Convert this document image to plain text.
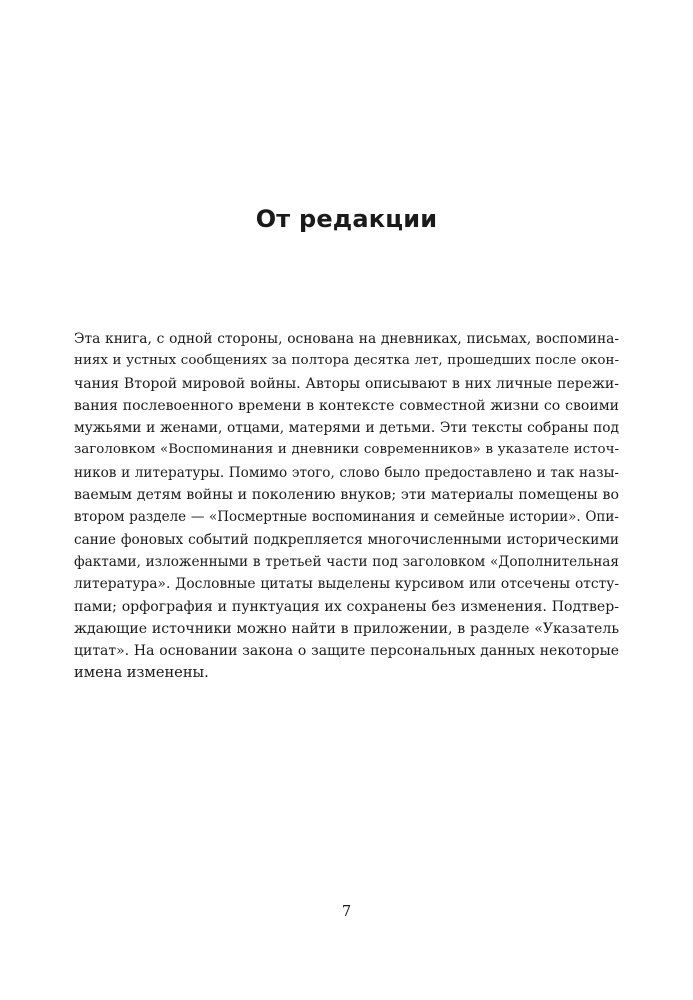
От редакции
Эта книга, с одной стороны, основана на дневниках, письмах, воспомина-
ниях и устных сообщениях за полтора десятка лет, прошедших после окон-
чания Второй мировой войны. Авторы описывают в них личные пережи-
вания послевоенного времени в контексте совместной жизни со своими
мужьями и женами, отцами, матерями и детьми. Эти тексты собраны под
заголовком «Воспоминания и дневники современников» в указателе источ-
ников и литературы. Помимо этого, слово было предоставлено и так назы-
ваемым детям войны и поколению внуков; эти материалы помещены во
втором разделе — «Посмертные воспоминания и семейные истории». Опи-
сание фоновых событий подкрепляется многочисленными историческими
фактами, изложенными в третьей части под заголовком «Дополнительная
литература». Дословные цитаты выделены курсивом или отсечены отсту-
пами; орфография и пунктуация их сохранены без изменения. Подтвер-
ждающие источники можно найти в приложении, в разделе «Указатель
цитат». На основании закона о защите персональных данных некоторые
имена изменены.
7
